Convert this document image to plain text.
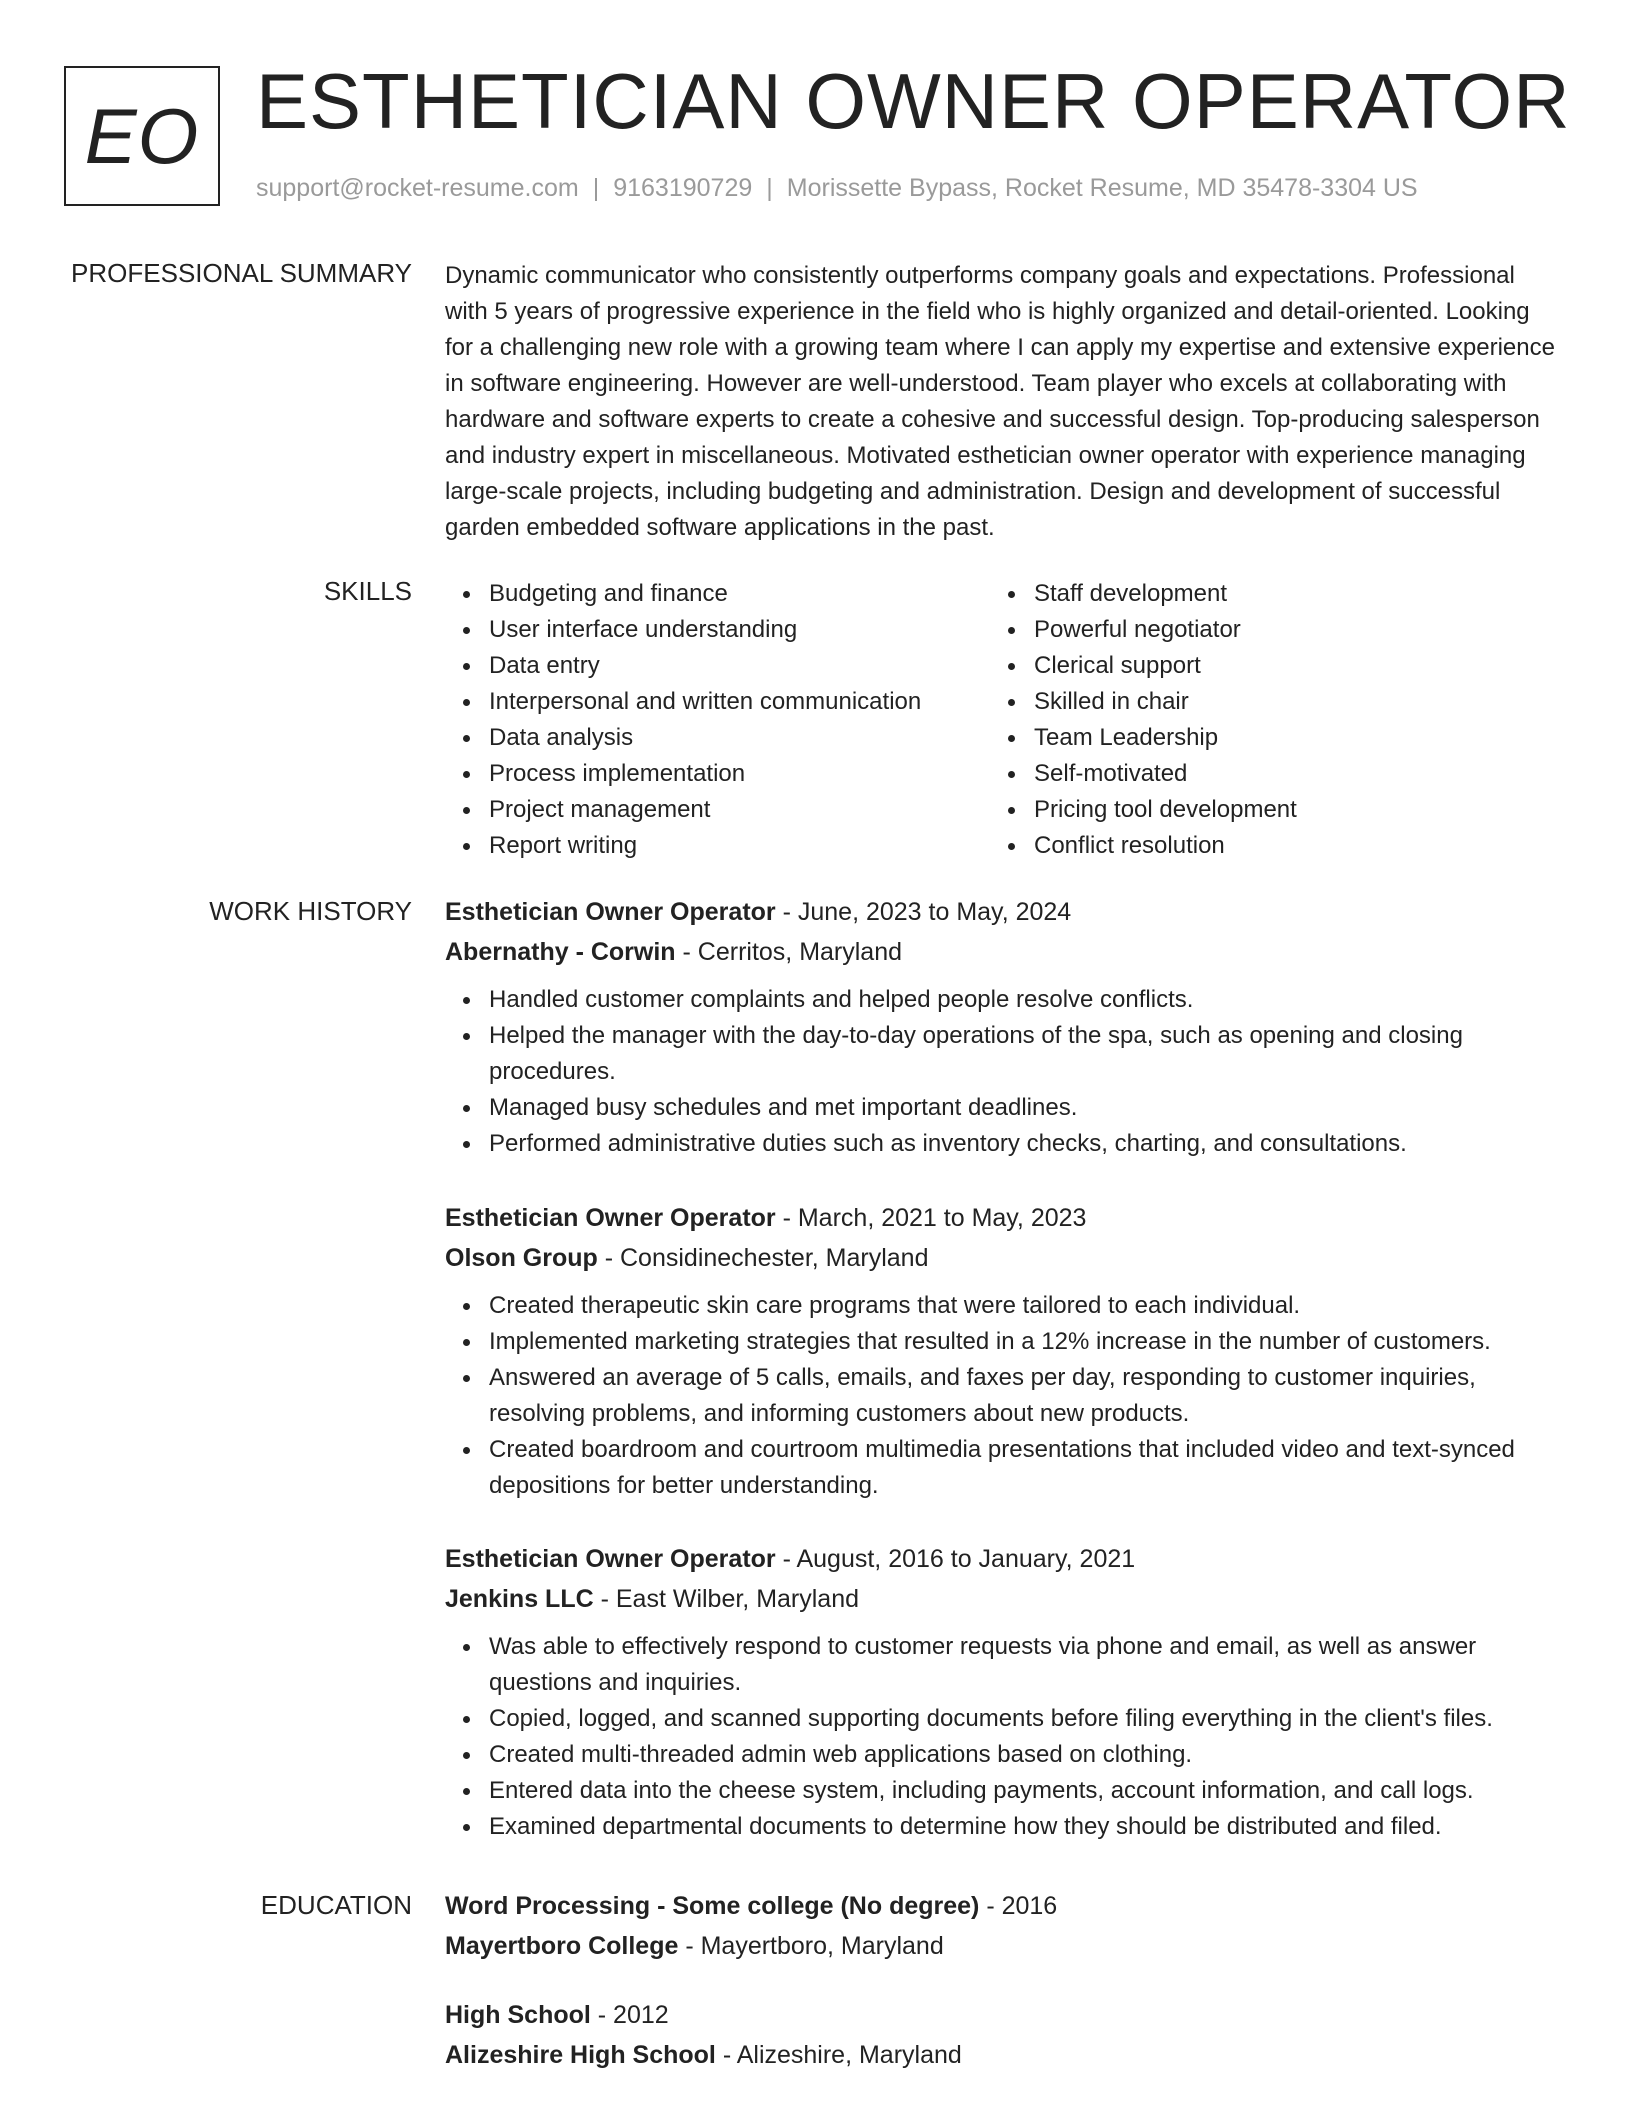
EO ESTHETICIAN OWNER OPERATOR
support@rocket-resume.com | 9163190729 | Morissette Bypass, Rocket Resume, MD 35478-3304 US
PROFESSIONAL SUMMARY Dynamic communicator who consistently outperforms company goals and expectations. Professional with 5 years of progressive experience in the field who is highly organized and detail-oriented. Looking for a challenging new role with a growing team where I can apply my expertise and extensive experience in software engineering. However are well-understood. Team player who excels at collaborating with hardware and software experts to create a cohesive and successful design. Top-producing salesperson and industry expert in miscellaneous. Motivated esthetician owner operator with experience managing large-scale projects, including budgeting and administration. Design and development of successful garden embedded software applications in the past.

SKILLS	Budgeting and finance
User interface understanding
Data entry
Interpersonal and written communication
Data analysis
Process implementation
Project management
Report writing
Staff development
Powerful negotiator
Clerical support
Skilled in chair
Team Leadership
Self-motivated
Pricing tool development
Conflict resolution
WORK HISTORY Esthetician Owner Operator - June, 2023 to May, 2024
Abernathy - Corwin - Cerritos, Maryland
Handled customer complaints and helped people resolve conflicts.
Helped the manager with the day-to-day operations of the spa, such as opening and closing procedures.
Managed busy schedules and met important deadlines.
Performed administrative duties such as inventory checks, charting, and consultations.
Esthetician Owner Operator - March, 2021 to May, 2023
Olson Group - Considinechester, Maryland
Created therapeutic skin care programs that were tailored to each individual.
Implemented marketing strategies that resulted in a 12% increase in the number of customers.
Answered an average of 5 calls, emails, and faxes per day, responding to customer inquiries, resolving problems, and informing customers about new products.
Created boardroom and courtroom multimedia presentations that included video and text-synced depositions for better understanding.
Esthetician Owner Operator - August, 2016 to January, 2021
Jenkins LLC - East Wilber, Maryland
Was able to effectively respond to customer requests via phone and email, as well as answer questions and inquiries.
Copied, logged, and scanned supporting documents before filing everything in the client's files.
Created multi-threaded admin web applications based on clothing.
Entered data into the cheese system, including payments, account information, and call logs.
Examined departmental documents to determine how they should be distributed and filed.
EDUCATION Word Processing - Some college (No degree) - 2016
Mayertboro College - Mayertboro, Maryland
High School - 2012
Alizeshire High School - Alizeshire, Maryland
